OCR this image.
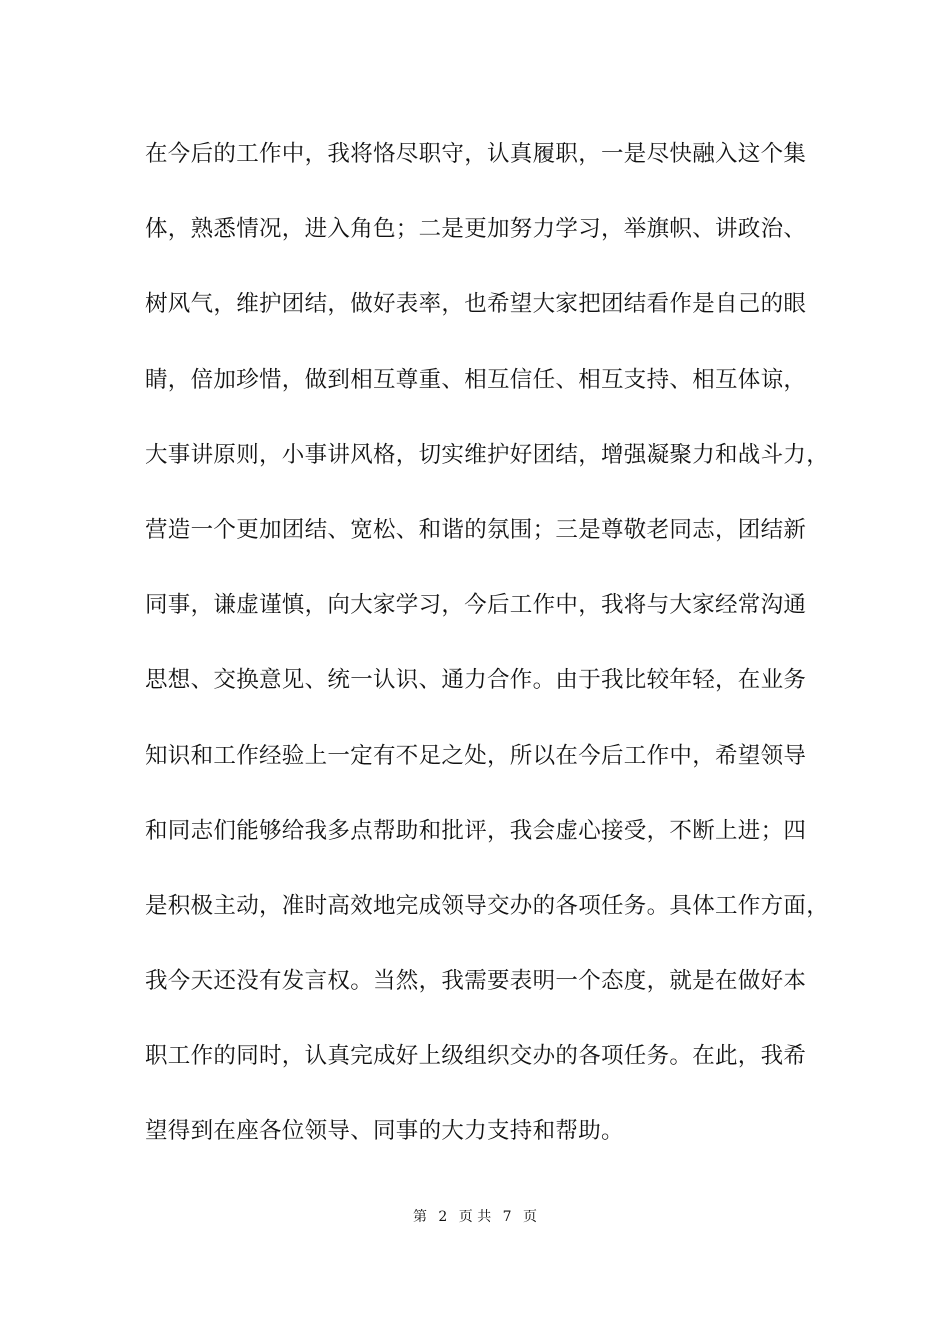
在今后的工作中，我将恪尽职守，认真履职，一是尽快融入这个集
体，熟悉情况，进入角色；二是更加努力学习，举旗帜、讲政治、
树风气，维护团结，做好表率，也希望大家把团结看作是自己的眼
睛，倍加珍惜，做到相互尊重、相互信任、相互支持、相互体谅，
大事讲原则，小事讲风格，切实维护好团结，增强凝聚力和战斗力，
营造一个更加团结、宽松、和谐的氛围；三是尊敬老同志，团结新
同事，谦虚谨慎，向大家学习，今后工作中，我将与大家经常沟通
思想、交换意见、统一认识、通力合作。由于我比较年轻，在业务
知识和工作经验上一定有不足之处，所以在今后工作中，希望领导
和同志们能够给我多点帮助和批评，我会虚心接受，不断上进；四
是积极主动，准时高效地完成领导交办的各项任务。具体工作方面，
我今天还没有发言权。当然，我需要表明一个态度，就是在做好本
职工作的同时，认真完成好上级组织交办的各项任务。在此，我希
望得到在座各位领导、同事的大力支持和帮助。
第 2 页 共 7 页
